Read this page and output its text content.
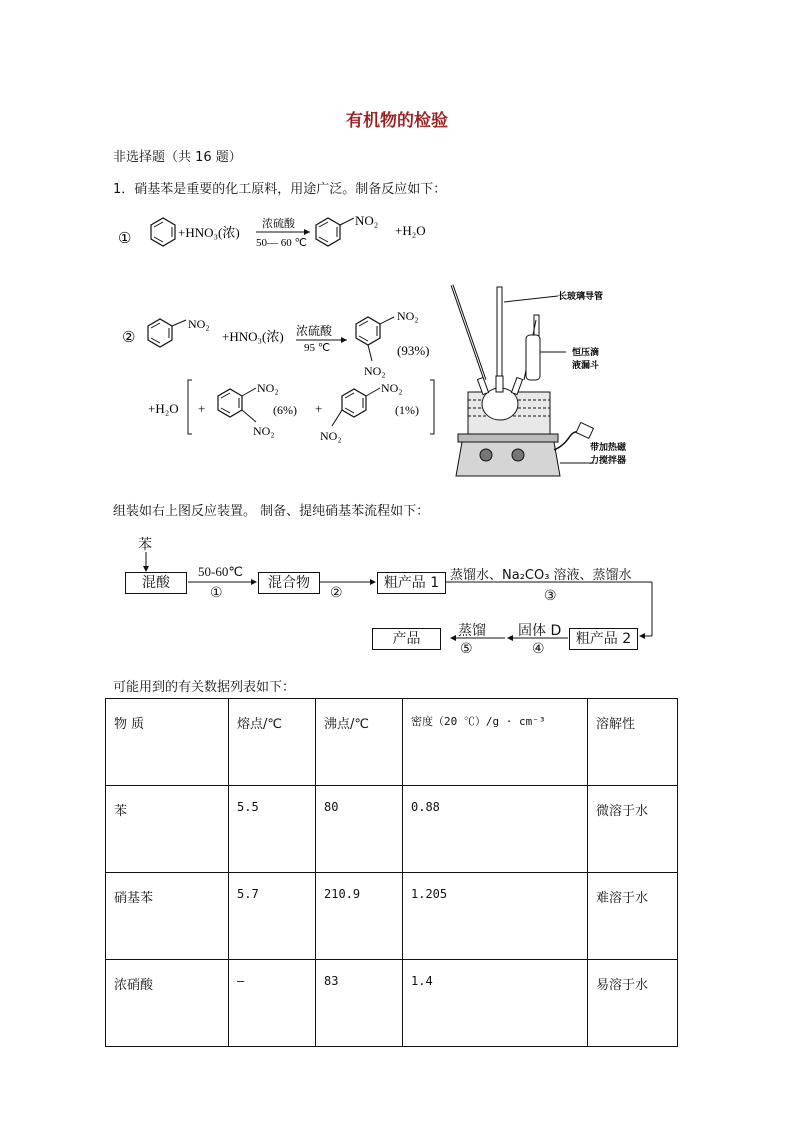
有机物的检验
非选择题（共 16 题）
1．硝基苯是重要的化工原料，用途广泛。制备反应如下：
①	+HNO₃(浓)
浓硫酸
50— 60 ℃
NO₂
+H₂O
②
NO₂
+HNO₃(浓) 浓硫酸
95 ℃
NO₂
NO₂
(93%)
+H₂O +
NO₂
NO₂
(6%) +
NO₂
NO₂
(1%)
长玻璃导管
恒压滴
液漏斗
带加热磁
力搅拌器
组装如右上图反应装置。 制备、提纯硝基苯流程如下：
苯
混酸
50-60℃
①
混合物
②
粗产品 1 蒸馏水、Na₂CO₃ 溶液、蒸馏水
③
粗产品 2
固体 D
④
蒸馏
⑤
产品
可能用到的有关数据列表如下：
物 质	熔点/℃	沸点/℃	密度（20 ℃）/g · cm⁻³	溶解性
苯	5.5	80	0.88	微溶于水
硝基苯	5.7	210.9	1.205	难溶于水
浓硝酸	—	83	1.4	易溶于水
